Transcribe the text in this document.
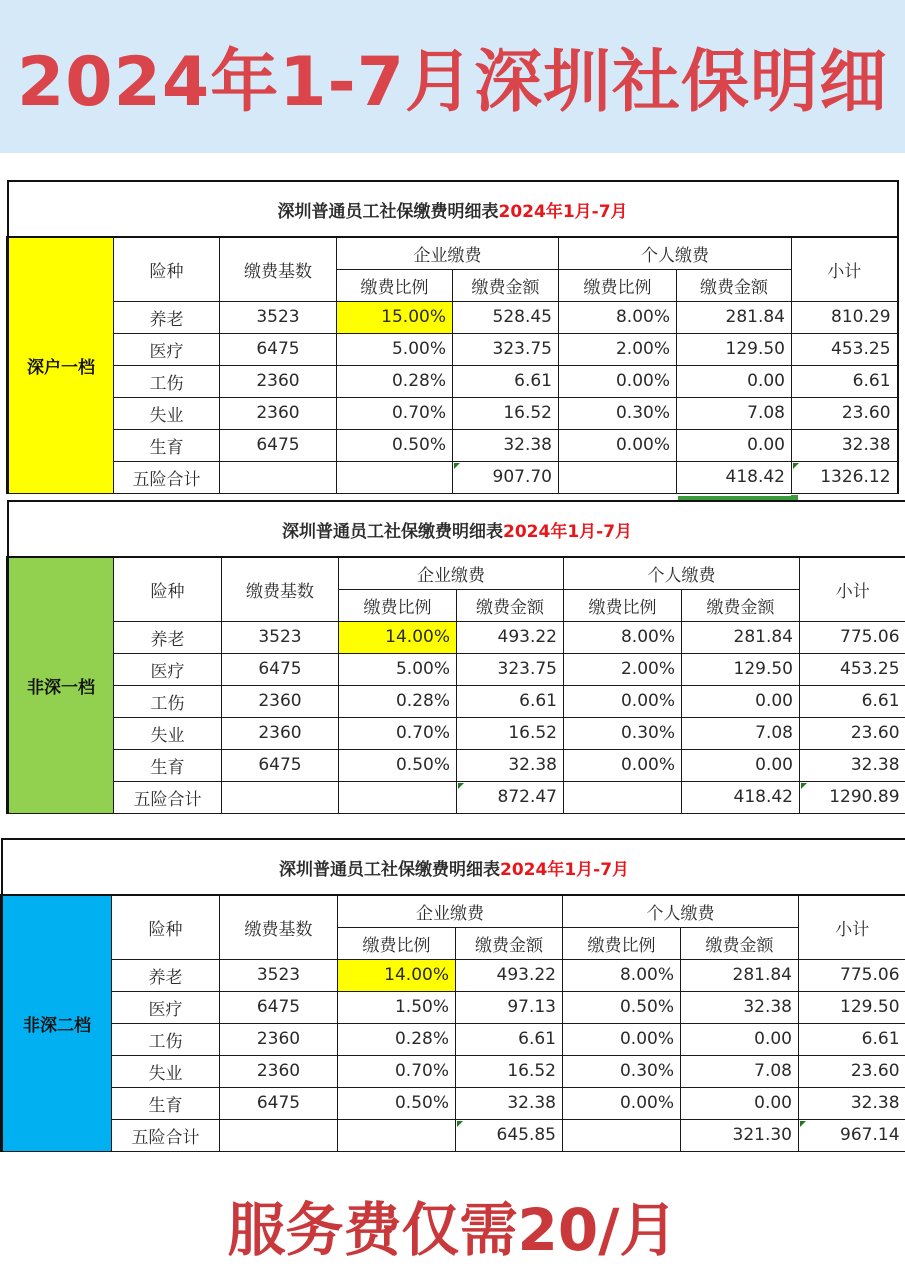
2024年1-7月深圳社保明细
深圳普通员工社保缴费明细表2024年1月-7月							
深户一档	险种	缴费基数	企业缴费		个人缴费		小计
			缴费比例	缴费金额	缴费比例	缴费金额	
	养老	3523	15.00%	528.45	8.00%	281.84	810.29
	医疗	6475	5.00%	323.75	2.00%	129.50	453.25
	工伤	2360	0.28%	6.61	0.00%	0.00	6.61
	失业	2360	0.70%	16.52	0.30%	7.08	23.60
	生育	6475	0.50%	32.38	0.00%	0.00	32.38
	五险合计			907.70		418.42	1326.12
深圳普通员工社保缴费明细表2024年1月-7月							
非深一档	险种	缴费基数	企业缴费		个人缴费		小计
			缴费比例	缴费金额	缴费比例	缴费金额	
	养老	3523	14.00%	493.22	8.00%	281.84	775.06
	医疗	6475	5.00%	323.75	2.00%	129.50	453.25
	工伤	2360	0.28%	6.61	0.00%	0.00	6.61
	失业	2360	0.70%	16.52	0.30%	7.08	23.60
	生育	6475	0.50%	32.38	0.00%	0.00	32.38
	五险合计			872.47		418.42	1290.89
深圳普通员工社保缴费明细表2024年1月-7月							
非深二档	险种	缴费基数	企业缴费		个人缴费		小计
			缴费比例	缴费金额	缴费比例	缴费金额	
	养老	3523	14.00%	493.22	8.00%	281.84	775.06
	医疗	6475	1.50%	97.13	0.50%	32.38	129.50
	工伤	2360	0.28%	6.61	0.00%	0.00	6.61
	失业	2360	0.70%	16.52	0.30%	7.08	23.60
	生育	6475	0.50%	32.38	0.00%	0.00	32.38
	五险合计			645.85		321.30	967.14
服务费仅需20/月
